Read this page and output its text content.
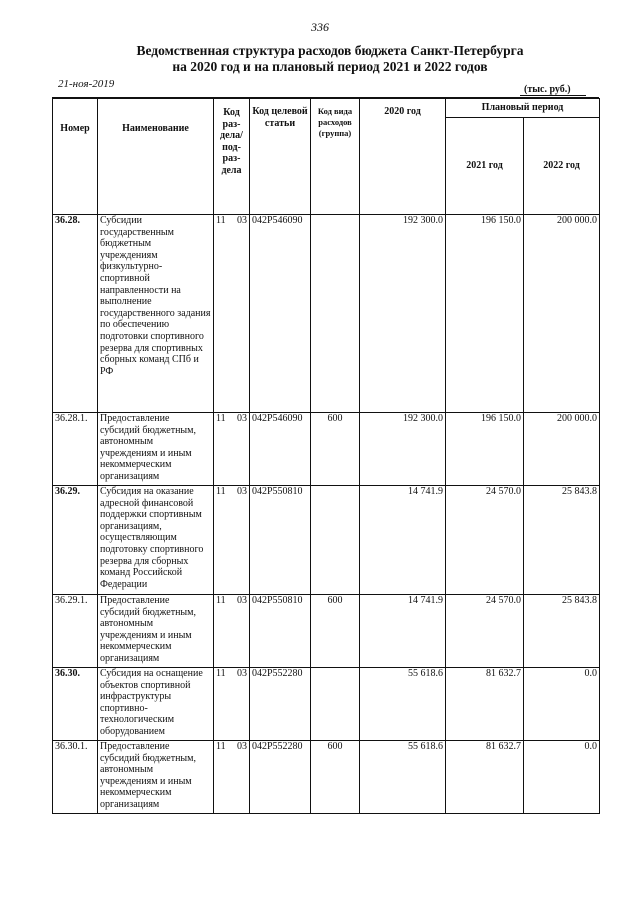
336
Ведомственная структура расходов бюджета Санкт-Петербурга
на 2020 год и на плановый период 2021 и 2022 годов
21-ноя-2019	(тыс. руб.)
Номер	Наименование	Код раз-дела/ под-раз-дела	Код целевой статьи	Код вида расходов (группа)	2020 год	Плановый период	
						2021 год	2022 год
36.28.	Субсидии государственным бюджетным учреждениям физкультурно-спортивной направленности на выполнение государственного задания по обеспечению подготовки спортивного резерва для спортивных сборных команд СПб и РФ	11 03	042P546090		192 300.0	196 150.0	200 000.0
36.28.1.	Предоставление субсидий бюджетным, автономным учреждениям и иным некоммерческим организациям	11 03	042P546090	600	192 300.0	196 150.0	200 000.0
36.29.	Субсидия на оказание адресной финансовой поддержки спортивным организациям, осуществляющим подготовку спортивного резерва для сборных команд Российской Федерации	11 03	042P550810		14 741.9	24 570.0	25 843.8
36.29.1.	Предоставление субсидий бюджетным, автономным учреждениям и иным некоммерческим организациям	11 03	042P550810	600	14 741.9	24 570.0	25 843.8
36.30.	Субсидия на оснащение объектов спортивной инфраструктуры спортивно-технологическим оборудованием	11 03	042P552280		55 618.6	81 632.7	0.0
36.30.1.	Предоставление субсидий бюджетным, автономным учреждениям и иным некоммерческим организациям	11 03	042P552280	600	55 618.6	81 632.7	0.0
